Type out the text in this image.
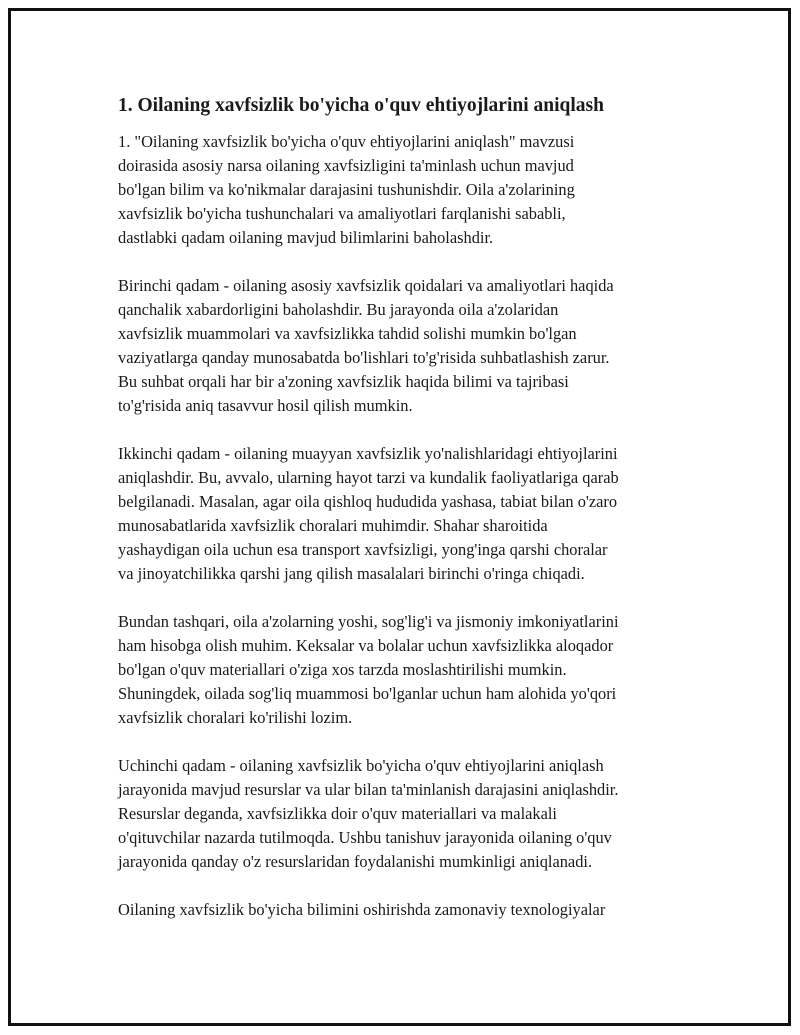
1. Oilaning xavfsizlik bo'yicha o'quv ehtiyojlarini aniqlash

1. "Oilaning xavfsizlik bo'yicha o'quv ehtiyojlarini aniqlash" mavzusi
doirasida asosiy narsa oilaning xavfsizligini ta'minlash uchun mavjud
bo'lgan bilim va ko'nikmalar darajasini tushunishdir. Oila a'zolarining
xavfsizlik bo'yicha tushunchalari va amaliyotlari farqlanishi sababli,
dastlabki qadam oilaning mavjud bilimlarini baholashdir.

Birinchi qadam - oilaning asosiy xavfsizlik qoidalari va amaliyotlari haqida
qanchalik xabardorligini baholashdir. Bu jarayonda oila a'zolaridan
xavfsizlik muammolari va xavfsizlikka tahdid solishi mumkin bo'lgan
vaziyatlarga qanday munosabatda bo'lishlari to'g'risida suhbatlashish zarur.
Bu suhbat orqali har bir a'zoning xavfsizlik haqida bilimi va tajribasi
to'g'risida aniq tasavvur hosil qilish mumkin.

Ikkinchi qadam - oilaning muayyan xavfsizlik yo'nalishlaridagi ehtiyojlarini
aniqlashdir. Bu, avvalo, ularning hayot tarzi va kundalik faoliyatlariga qarab
belgilanadi. Masalan, agar oila qishloq hududida yashasa, tabiat bilan o'zaro
munosabatlarida xavfsizlik choralari muhimdir. Shahar sharoitida
yashaydigan oila uchun esa transport xavfsizligi, yong'inga qarshi choralar
va jinoyatchilikka qarshi jang qilish masalalari birinchi o'ringa chiqadi.

Bundan tashqari, oila a'zolarning yoshi, sog'lig'i va jismoniy imkoniyatlarini
ham hisobga olish muhim. Keksalar va bolalar uchun xavfsizlikka aloqador
bo'lgan o'quv materiallari o'ziga xos tarzda moslashtirilishi mumkin.
Shuningdek, oilada sog'liq muammosi bo'lganlar uchun ham alohida yo'qori
xavfsizlik choralari ko'rilishi lozim.

Uchinchi qadam - oilaning xavfsizlik bo'yicha o'quv ehtiyojlarini aniqlash
jarayonida mavjud resurslar va ular bilan ta'minlanish darajasini aniqlashdir.
Resurslar deganda, xavfsizlikka doir o'quv materiallari va malakali
o'qituvchilar nazarda tutilmoqda. Ushbu tanishuv jarayonida oilaning o'quv
jarayonida qanday o'z resurslaridan foydalanishi mumkinligi aniqlanadi.

Oilaning xavfsizlik bo'yicha bilimini oshirishda zamonaviy texnologiyalar
